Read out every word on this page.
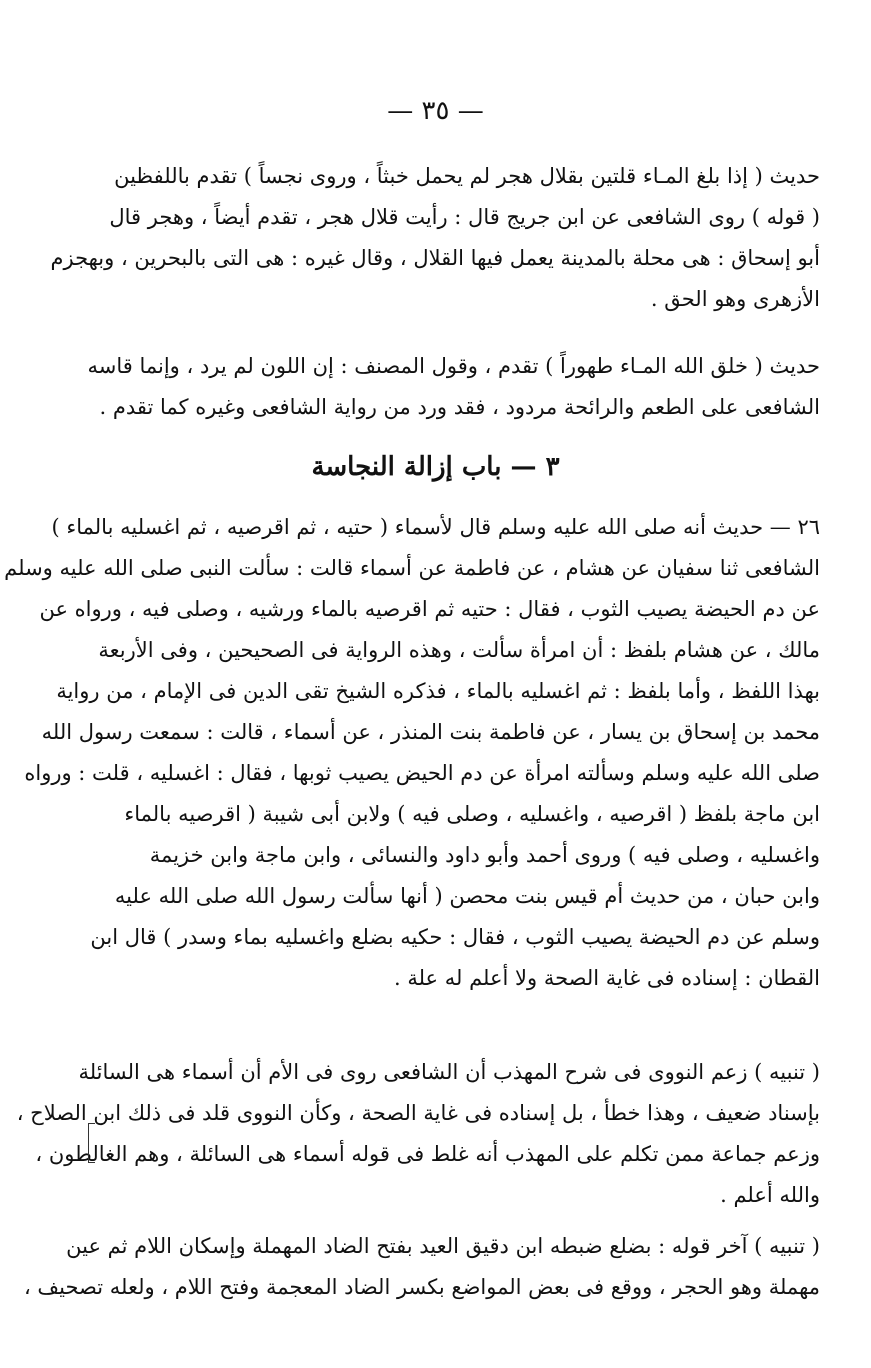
— ٣٥ —
حديث ( إذا بلغ المـاء قلتين بقلال هجر لم يحمل خبثاً ، وروى نجساً ) تقدم باللفظين
( قوله ) روى الشافعى عن ابن جريج قال : رأيت قلال هجر ، تقدم أيضاً ، وهجر قال
أبو إسحاق : هى محلة بالمدينة يعمل فيها القلال ، وقال غيره : هى التى بالبحرين ، وبهجزم
الأزهرى وهو الحق .
حديث ( خلق الله المـاء طهوراً ) تقدم ، وقول المصنف : إن اللون لم يرد ، وإنما قاسه
الشافعى على الطعم والرائحة مردود ، فقد ورد من رواية الشافعى وغيره كما تقدم .
٣ — باب إزالة النجاسة
٢٦ — حديث أنه صلى الله عليه وسلم قال لأسماء ( حتيه ، ثم اقرصيه ، ثم اغسليه بالماء )
الشافعى ثنا سفيان عن هشام ، عن فاطمة عن أسماء قالت : سألت النبى صلى الله عليه وسلم
عن دم الحيضة يصيب الثوب ، فقال : حتيه ثم اقرصيه بالماء ورشيه ، وصلى فيه ، ورواه عن
مالك ، عن هشام بلفظ : أن امرأة سألت ، وهذه الرواية فى الصحيحين ، وفى الأربعة
بهذا اللفظ ، وأما بلفظ : ثم اغسليه بالماء ، فذكره الشيخ تقى الدين فى الإمام ، من رواية
محمد بن إسحاق بن يسار ، عن فاطمة بنت المنذر ، عن أسماء ، قالت : سمعت رسول الله
صلى الله عليه وسلم وسألته امرأة عن دم الحيض يصيب ثوبها ، فقال : اغسليه ، قلت : ورواه
ابن ماجة بلفظ ( اقرصيه ، واغسليه ، وصلى فيه ) ولابن أبى شيبة ( اقرصيه بالماء
واغسليه ، وصلى فيه ) وروى أحمد وأبو داود والنسائى ، وابن ماجة وابن خزيمة
وابن حبان ، من حديث أم قيس بنت محصن ( أنها سألت رسول الله صلى الله عليه
وسلم عن دم الحيضة يصيب الثوب ، فقال : حكيه بضلع واغسليه بماء وسدر ) قال ابن
القطان : إسناده فى غاية الصحة ولا أعلم له علة .
( تنبيه ) زعم النووى فى شرح المهذب أن الشافعى روى فى الأم أن أسماء هى السائلة
بإسناد ضعيف ، وهذا خطأ ، بل إسناده فى غاية الصحة ، وكأن النووى قلد فى ذلك ابن الصلاح ،
وزعم جماعة ممن تكلم على المهذب أنه غلط فى قوله أسماء هى السائلة ، وهم الغالطون ،
والله أعلم .
( تنبيه ) آخر قوله : بضلع ضبطه ابن دقيق العيد بفتح الضاد المهملة وإسكان اللام ثم عين
مهملة وهو الحجر ، ووقع فى بعض المواضع بكسر الضاد المعجمة وفتح اللام ، ولعله تصحيف ،
